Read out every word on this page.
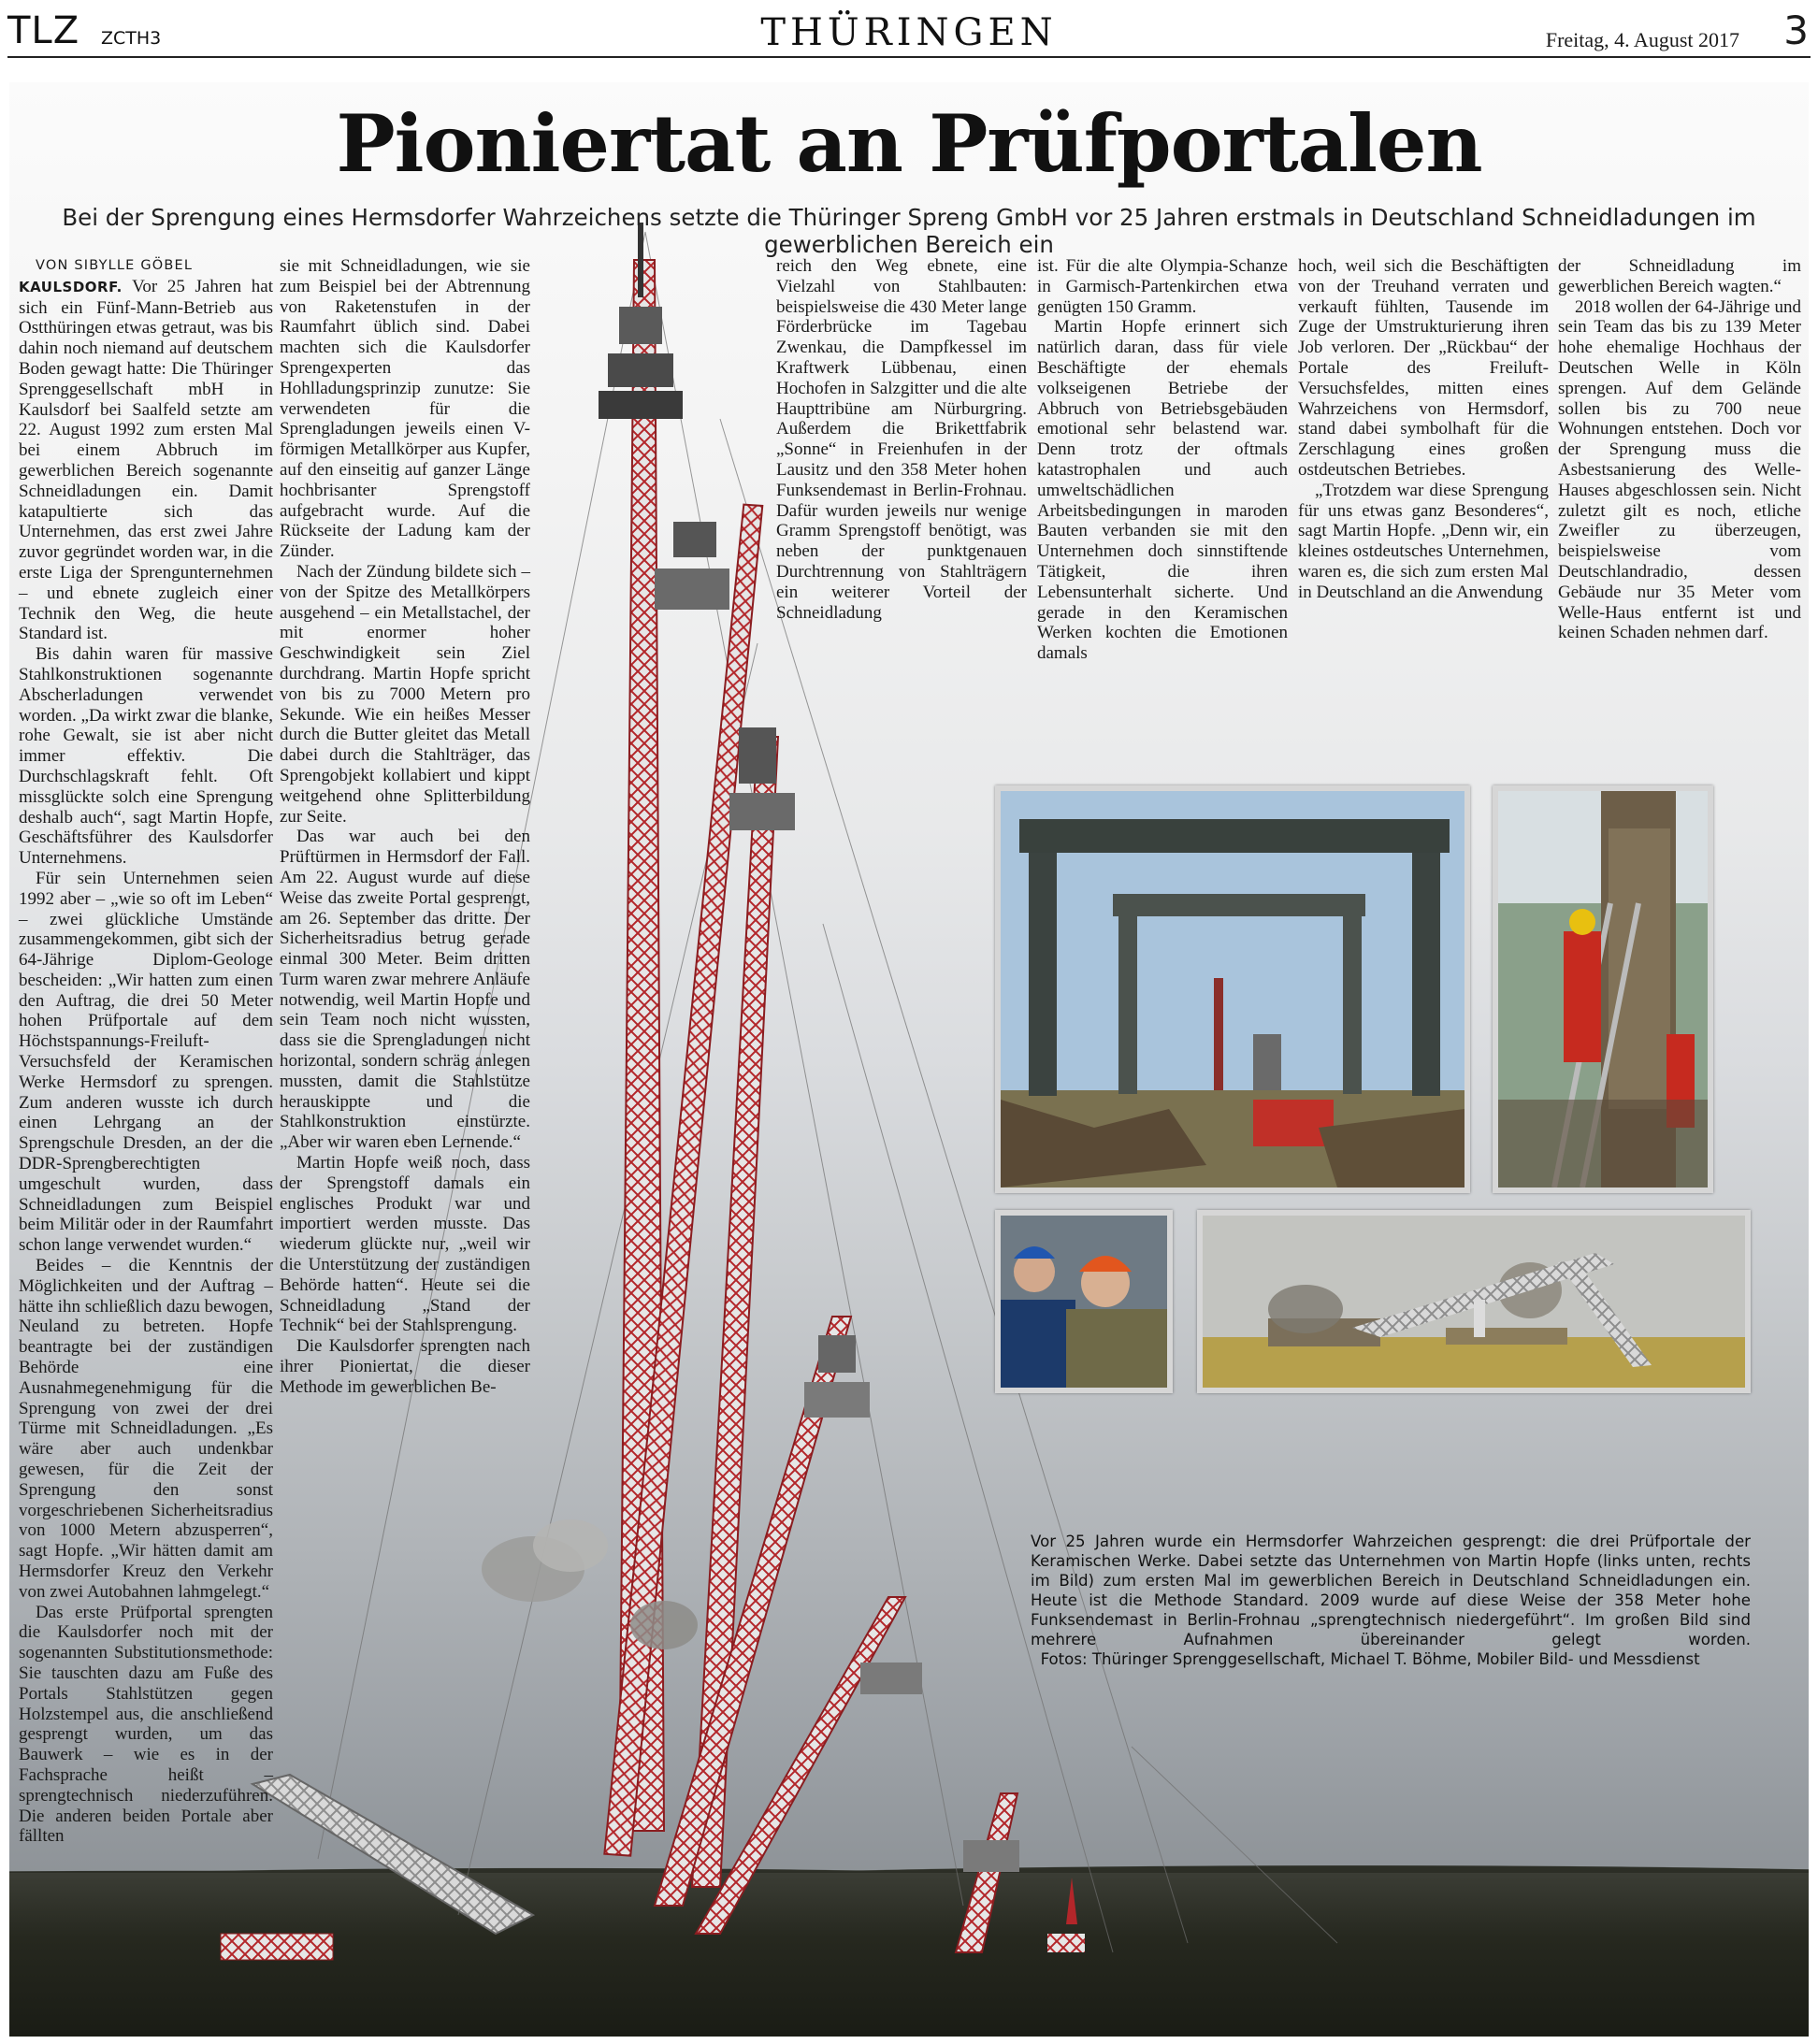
TLZ ZCTH3	THÜRINGEN	Freitag, 4. August 2017 3
Pioniertat an Prüfportalen
Bei der Sprengung eines Hermsdorfer Wahrzeichens setzte die Thüringer Spreng GmbH vor 25 Jahren erstmals in Deutschland Schneidladungen im gewerblichen Bereich ein

VON SIBYLLE GÖBEL

KAULSDORF. Vor 25 Jahren hat sich ein Fünf-Mann-Betrieb aus Ostthüringen etwas getraut, was bis dahin noch niemand auf deutschem Boden gewagt hatte: Die Thüringer Sprenggesellschaft mbH in Kaulsdorf bei Saalfeld setzte am 22. August 1992 zum ersten Mal bei einem Abbruch im gewerblichen Bereich sogenannte Schneidladungen ein. Damit katapultierte sich das Unternehmen, das erst zwei Jahre zuvor gegründet worden war, in die erste Liga der Sprengunternehmen – und ebnete zugleich einer Technik den Weg, die heute Standard ist.

Bis dahin waren für massive Stahlkonstruktionen sogenannte Abscherladungen verwendet worden. „Da wirkt zwar die blanke, rohe Gewalt, sie ist aber nicht immer effektiv. Die Durchschlagskraft fehlt. Oft missglückte solch eine Sprengung deshalb auch“, sagt Martin Hopfe, Geschäftsführer des Kaulsdorfer Unternehmens.

Für sein Unternehmen seien 1992 aber – „wie so oft im Leben“ – zwei glückliche Umstände zusammengekommen, gibt sich der 64-Jährige Diplom-Geologe bescheiden: „Wir hatten zum einen den Auftrag, die drei 50 Meter hohen Prüfportale auf dem Höchstspannungs-Freiluft-Versuchsfeld der Keramischen Werke Hermsdorf zu sprengen. Zum anderen wusste ich durch einen Lehrgang an der Sprengschule Dresden, an der die DDR-Sprengberechtigten umgeschult wurden, dass Schneidladungen zum Beispiel beim Militär oder in der Raumfahrt schon lange verwendet wurden.“

Beides – die Kenntnis der Möglichkeiten und der Auftrag – hätte ihn schließlich dazu bewogen, Neuland zu betreten. Hopfe beantragte bei der zuständigen Behörde eine Ausnahmegenehmigung für die Sprengung von zwei der drei Türme mit Schneidladungen. „Es wäre aber auch undenkbar gewesen, für die Zeit der Sprengung den sonst vorgeschriebenen Sicherheitsradius von 1000 Metern abzusperren“, sagt Hopfe. „Wir hätten damit am Hermsdorfer Kreuz den Verkehr von zwei Autobahnen lahmgelegt.“

Das erste Prüfportal sprengten die Kaulsdorfer noch mit der sogenannten Substitutionsmethode: Sie tauschten dazu am Fuße des Portals Stahlstützen gegen Holzstempel aus, die anschließend gesprengt wurden, um das Bauwerk – wie es in der Fachsprache heißt – sprengtechnisch niederzuführen. Die anderen beiden Portale aber fällten

sie mit Schneidladungen, wie sie zum Beispiel bei der Abtrennung von Raketenstufen in der Raumfahrt üblich sind. Dabei machten sich die Kaulsdorfer Sprengexperten das Hohlladungsprinzip zunutze: Sie verwendeten für die Sprengladungen jeweils einen V-förmigen Metallkörper aus Kupfer, auf den einseitig auf ganzer Länge hochbrisanter Sprengstoff aufgebracht wurde. Auf die Rückseite der Ladung kam der Zünder.

Nach der Zündung bildete sich – von der Spitze des Metallkörpers ausgehend – ein Metallstachel, der mit enormer hoher Geschwindigkeit sein Ziel durchdrang. Martin Hopfe spricht von bis zu 7000 Metern pro Sekunde. Wie ein heißes Messer durch die Butter gleitet das Metall dabei durch die Stahlträger, das Sprengobjekt kollabiert und kippt weitgehend ohne Splitterbildung zur Seite.

Das war auch bei den Prüftürmen in Hermsdorf der Fall. Am 22. August wurde auf diese Weise das zweite Portal gesprengt, am 26. September das dritte. Der Sicherheitsradius betrug gerade einmal 300 Meter. Beim dritten Turm waren zwar mehrere Anläufe notwendig, weil Martin Hopfe und sein Team noch nicht wussten, dass sie die Sprengladungen nicht horizontal, sondern schräg anlegen mussten, damit die Stahlstütze herauskippte und die Stahlkonstruktion einstürzte. „Aber wir waren eben Lernende.“

Martin Hopfe weiß noch, dass der Sprengstoff damals ein englisches Produkt war und importiert werden musste. Das wiederum glückte nur, „weil wir die Unterstützung der zuständigen Behörde hatten“. Heute sei die Schneidladung „Stand der Technik“ bei der Stahlsprengung.

Die Kaulsdorfer sprengten nach ihrer Pioniertat, die dieser Methode im gewerblichen Be-

reich den Weg ebnete, eine Vielzahl von Stahlbauten: beispielsweise die 430 Meter lange Förderbrücke im Tagebau Zwenkau, die Dampfkessel im Kraftwerk Lübbenau, einen Hochofen in Salzgitter und die alte Haupttribüne am Nürburgring. Außerdem die Brikettfabrik „Sonne“ in Freienhufen in der Lausitz und den 358 Meter hohen Funksendemast in Berlin-Frohnau. Dafür wurden jeweils nur wenige Gramm Sprengstoff benötigt, was neben der punktgenauen Durchtrennung von Stahlträgern ein weiterer Vorteil der Schneidladung

ist. Für die alte Olympia-Schanze in Garmisch-Partenkirchen etwa genügten 150 Gramm.

Martin Hopfe erinnert sich natürlich daran, dass für viele Beschäftigte der ehemals volkseigenen Betriebe der Abbruch von Betriebsgebäuden emotional sehr belastend war. Denn trotz der oftmals katastrophalen und auch umweltschädlichen Arbeitsbedingungen in maroden Bauten verbanden sie mit den Unternehmen doch sinnstiftende Tätigkeit, die ihren Lebensunterhalt sicherte. Und gerade in den Keramischen Werken kochten die Emotionen damals

hoch, weil sich die Beschäftigten von der Treuhand verraten und verkauft fühlten, Tausende im Zuge der Umstrukturierung ihren Job verloren. Der „Rückbau“ der Portale des Freiluft-Versuchsfeldes, mitten eines Wahrzeichens von Hermsdorf, stand dabei symbolhaft für die Zerschlagung eines großen ostdeutschen Betriebes.

„Trotzdem war diese Sprengung für uns etwas ganz Besonderes“, sagt Martin Hopfe. „Denn wir, ein kleines ostdeutsches Unternehmen, waren es, die sich zum ersten Mal in Deutschland an die Anwendung

der Schneidladung im gewerblichen Bereich wagten.“

2018 wollen der 64-Jährige und sein Team das bis zu 139 Meter hohe ehemalige Hochhaus der Deutschen Welle in Köln sprengen. Auf dem Gelände sollen bis zu 700 neue Wohnungen entstehen. Doch vor der Sprengung muss die Asbestsanierung des Welle-Hauses abgeschlossen sein. Nicht zuletzt gilt es noch, etliche Zweifler zu überzeugen, beispielsweise vom Deutschlandradio, dessen Gebäude nur 35 Meter vom Welle-Haus entfernt ist und keinen Schaden nehmen darf.

Vor 25 Jahren wurde ein Hermsdorfer Wahrzeichen gesprengt: die drei Prüfportale der Keramischen Werke. Dabei setzte das Unternehmen von Martin Hopfe (links unten, rechts im Bild) zum ersten Mal im gewerblichen Bereich in Deutschland Schneidladungen ein. Heute ist die Methode Standard. 2009 wurde auf diese Weise der 358 Meter hohe Funksendemast in Berlin-Frohnau „sprengtechnisch niedergeführt“. Im großen Bild sind mehrere Aufnahmen übereinander gelegt worden.   Fotos: Thüringer Sprenggesellschaft, Michael T. Böhme, Mobiler Bild- und Messdienst
